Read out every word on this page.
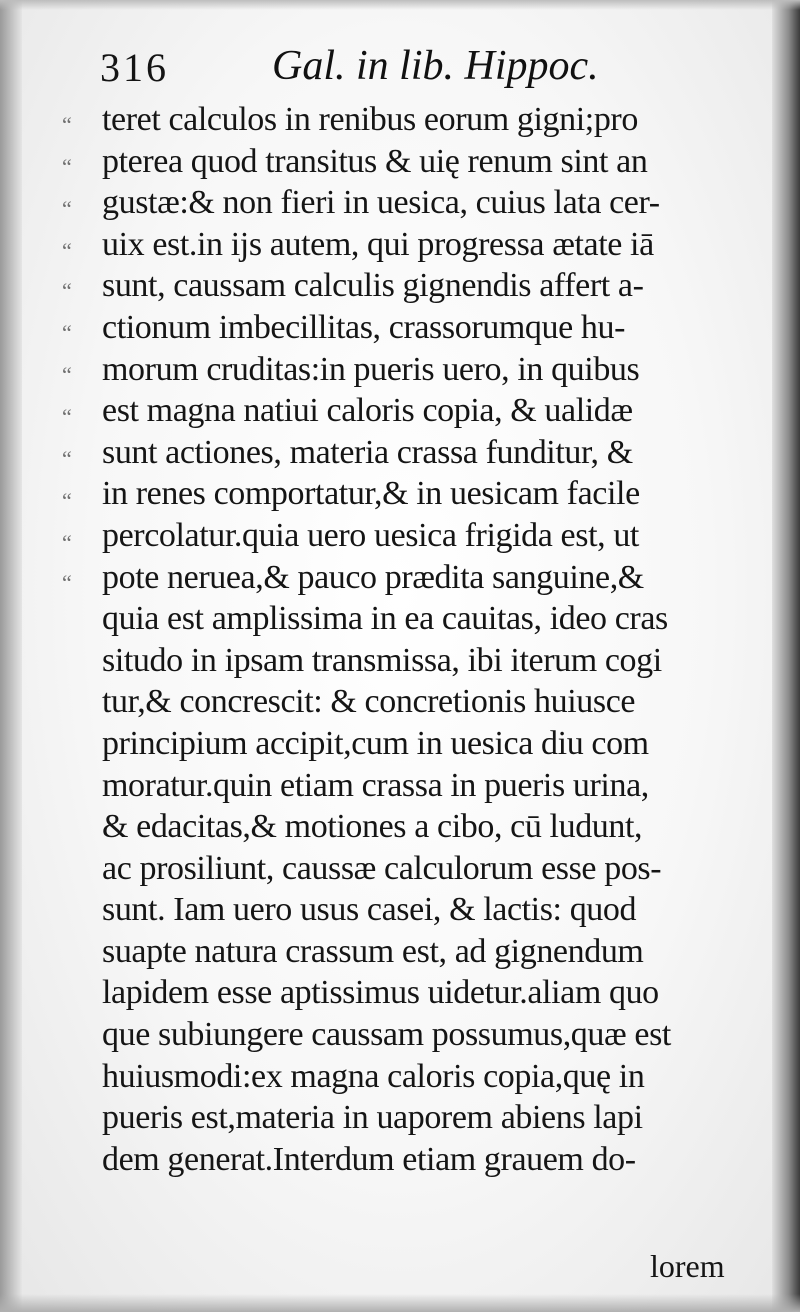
316 Gal. in lib. Hippoc.
“
“
“
“
“
“
“
“
“
“
“
“
teret calculos in renibus eorum gigni;pro
pterea quod transitus & uię renum sint an
gustæ:& non fieri in uesica, cuius lata cer-
uix est.in ijs autem, qui progressa ætate iā
sunt, caussam calculis gignendis affert a-
ctionum imbecillitas, crassorumque hu-
morum cruditas:in pueris uero, in quibus
est magna natiui caloris copia, & ualidæ
sunt actiones, materia crassa funditur, &
in renes comportatur,& in uesicam facile
percolatur.quia uero uesica frigida est, ut
pote neruea,& pauco prædita sanguine,&
quia est amplissima in ea cauitas, ideo cras
situdo in ipsam transmissa, ibi iterum cogi
tur,& concrescit: & concretionis huiusce
principium accipit,cum in uesica diu com
moratur.quin etiam crassa in pueris urina,
& edacitas,& motiones a cibo, cū ludunt,
ac prosiliunt, caussæ calculorum esse pos-
sunt. Iam uero usus casei, & lactis: quod
suapte natura crassum est, ad gignendum
lapidem esse aptissimus uidetur.aliam quo
que subiungere caussam possumus,quæ est
huiusmodi:ex magna caloris copia,quę in
pueris est,materia in uaporem abiens lapi
dem generat.Interdum etiam grauem do-
lorem
